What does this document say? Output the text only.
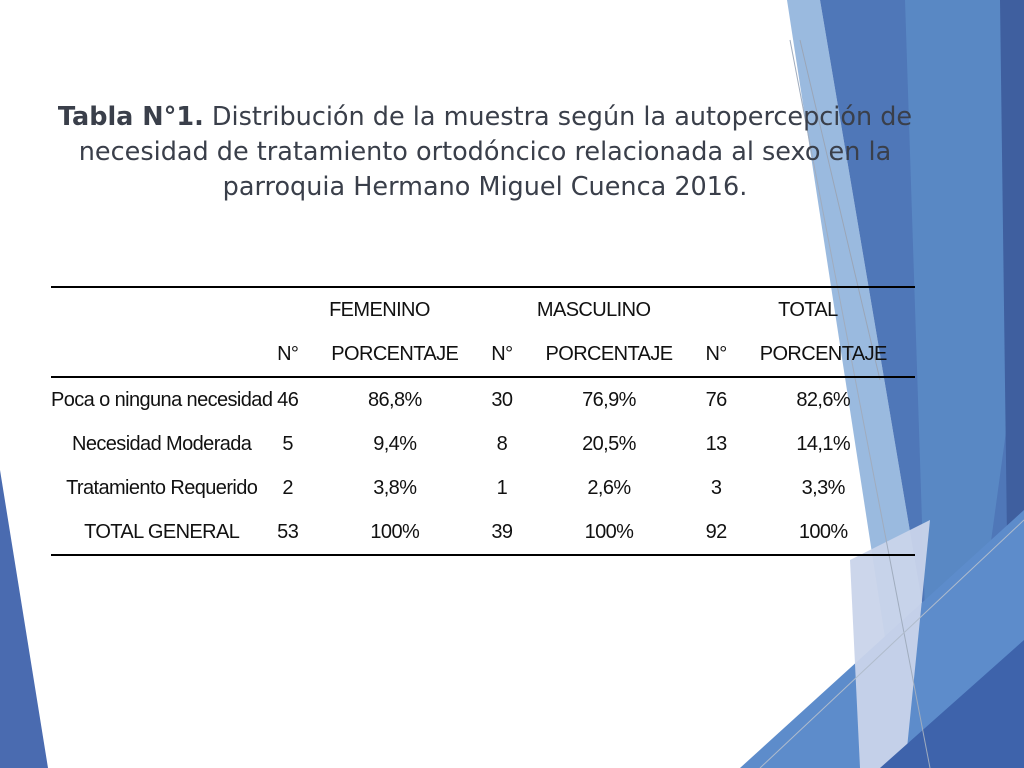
Tabla N°1. Distribución de la muestra según la autopercepción de necesidad de tratamiento ortodóncico relacionada al sexo en la parroquia Hermano Miguel Cuenca 2016.
	FEMENINO		MASCULINO		TOTAL	
	N°	PORCENTAJE	N°	PORCENTAJE	N°	PORCENTAJE
Poca o ninguna necesidad	46	86,8%	30	76,9%	76	82,6%
Necesidad Moderada	5	9,4%	8	20,5%	13	14,1%
Tratamiento Requerido	2	3,8%	1	2,6%	3	3,3%
TOTAL GENERAL	53	100%	39	100%	92	100%
